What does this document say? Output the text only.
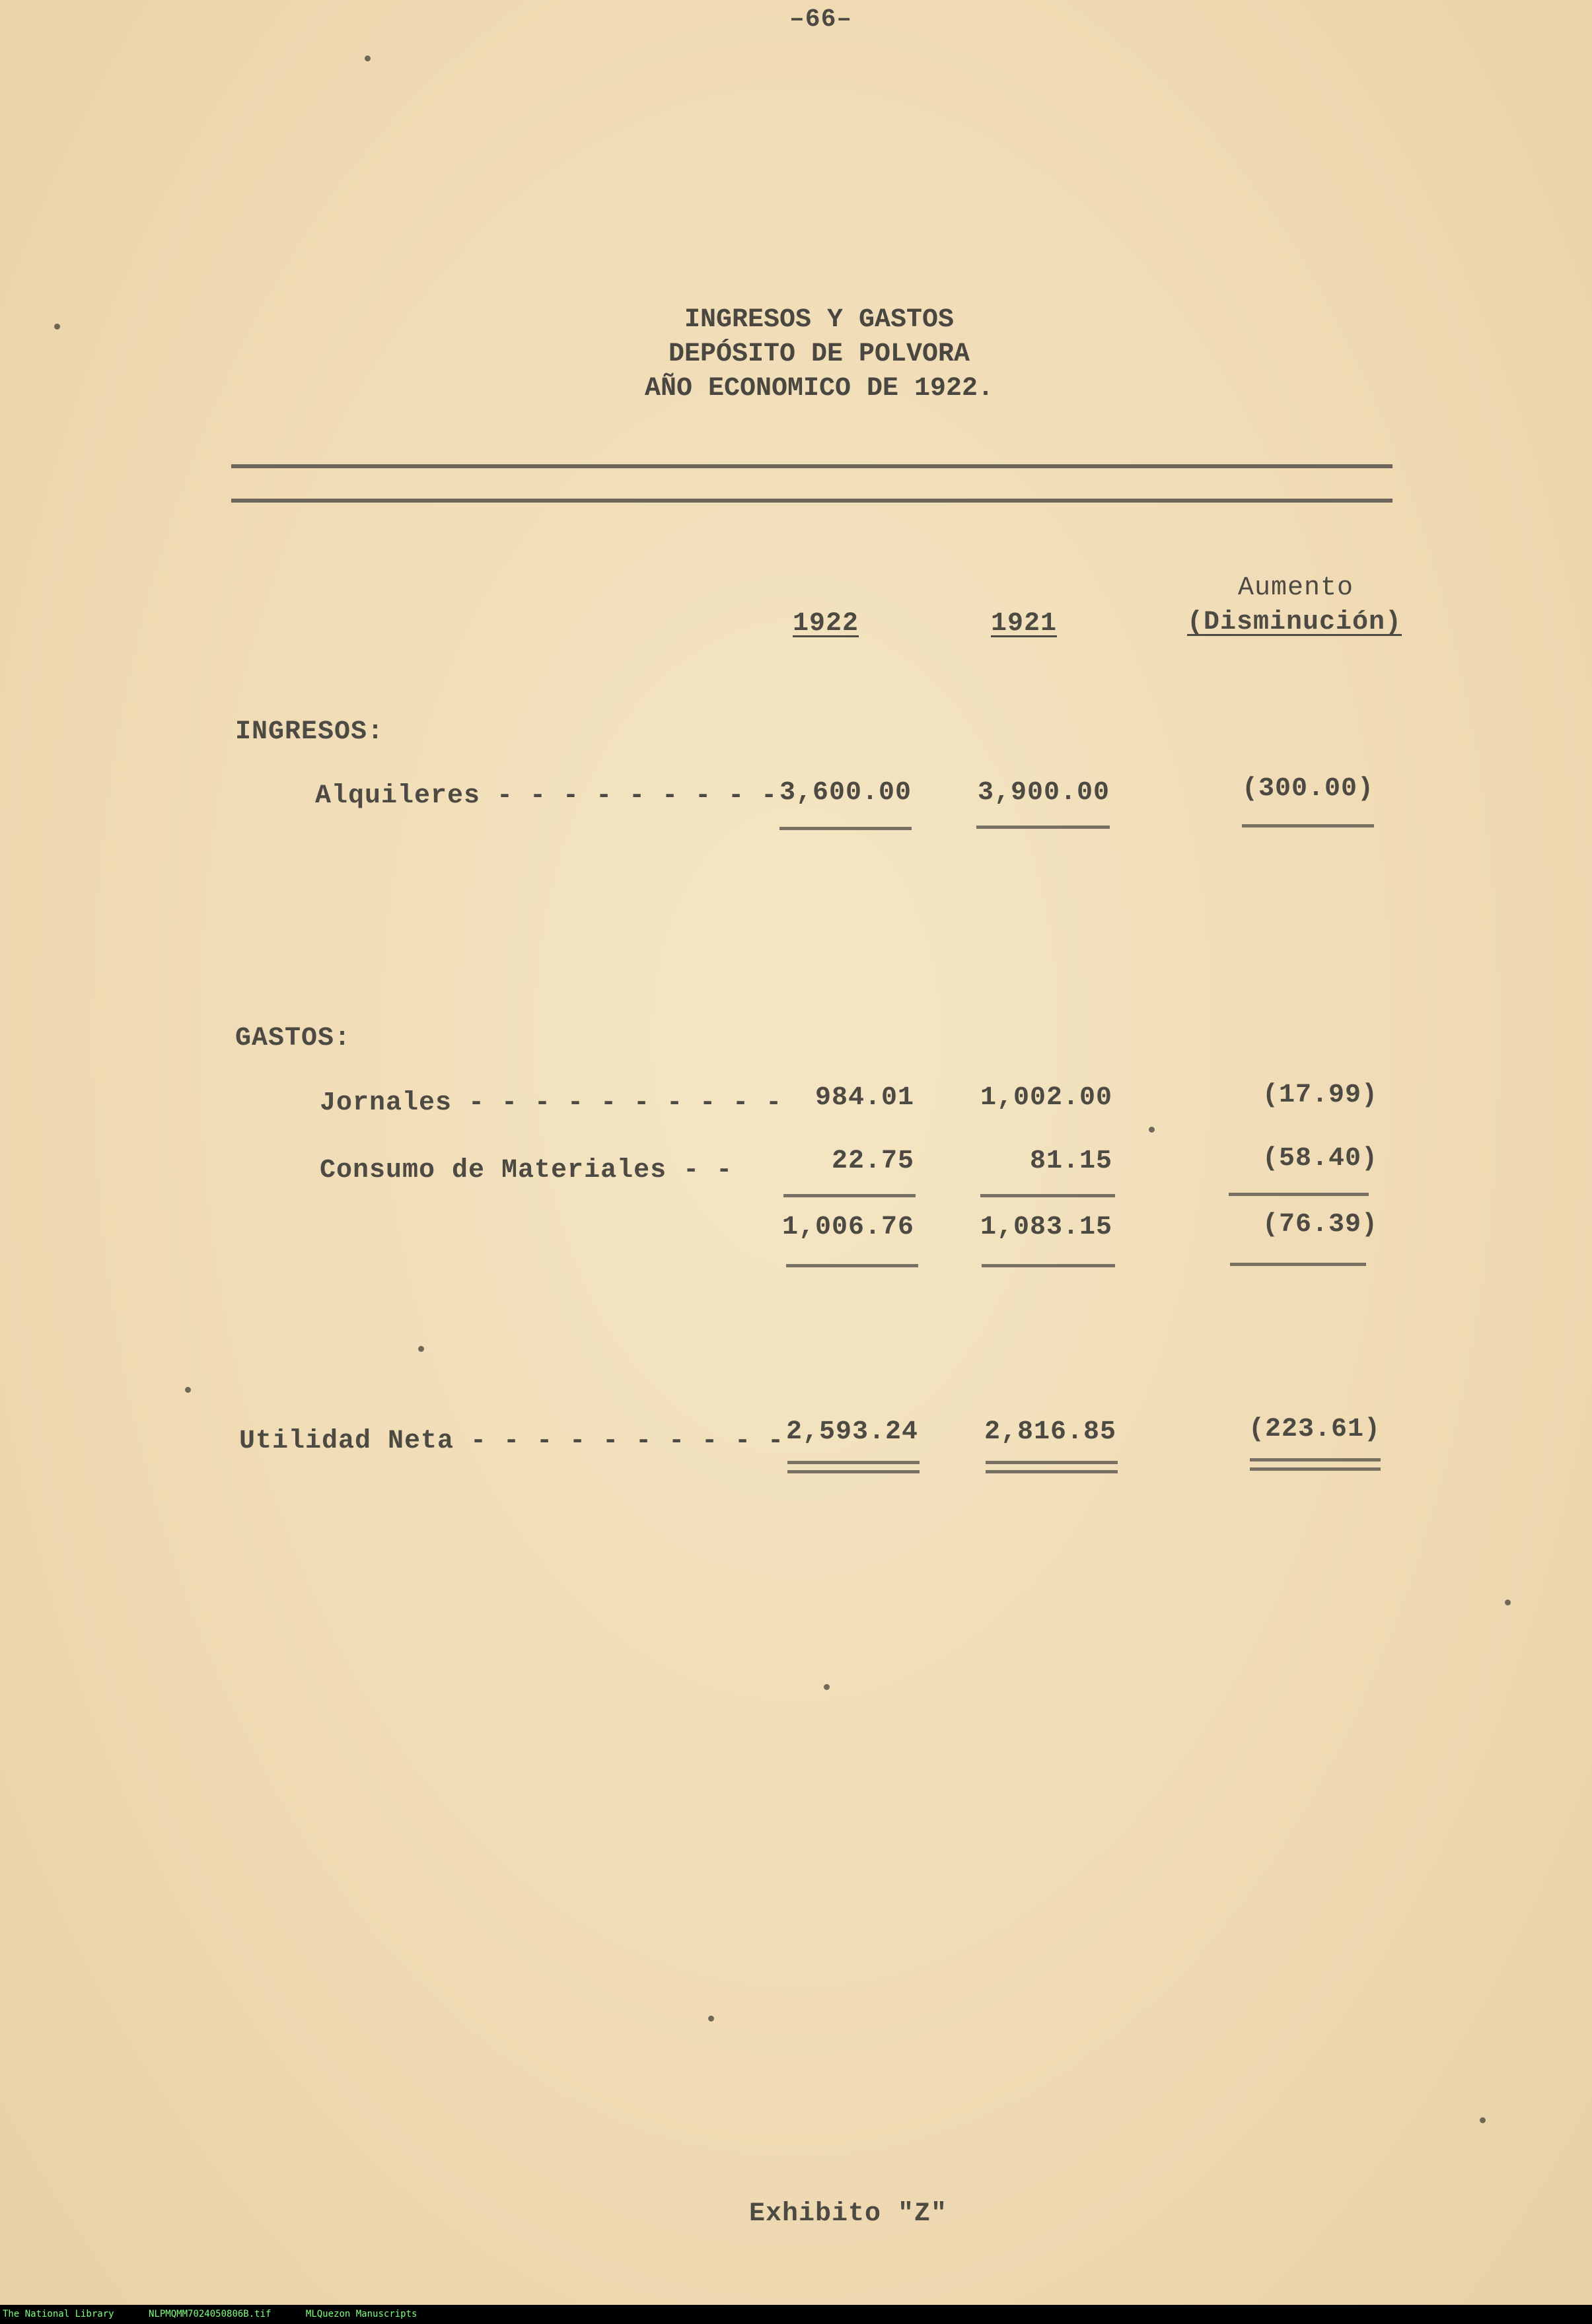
–66–
INGRESOS Y GASTOS
DEPÓSITO DE POLVORA
AÑO ECONOMICO DE 1922.
1922	1921
Aumento
(Disminución)
INGRESOS:
Alquileres - - - - - - - - - 3,600.00	3,900.00	(300.00)
GASTOS:
Jornales - - - - - - - - - -	984.01	1,002.00	(17.99)
Consumo de Materiales - -	22.75	81.15	(58.40)
1,006.76	1,083.15	(76.39)
Utilidad Neta - - - - - - - - - - 2,593.24	2,816.85	(223.61)
Exhibito "Z"
The National Library	NLPMQMM7024050806B.tif	MLQuezon Manuscripts
